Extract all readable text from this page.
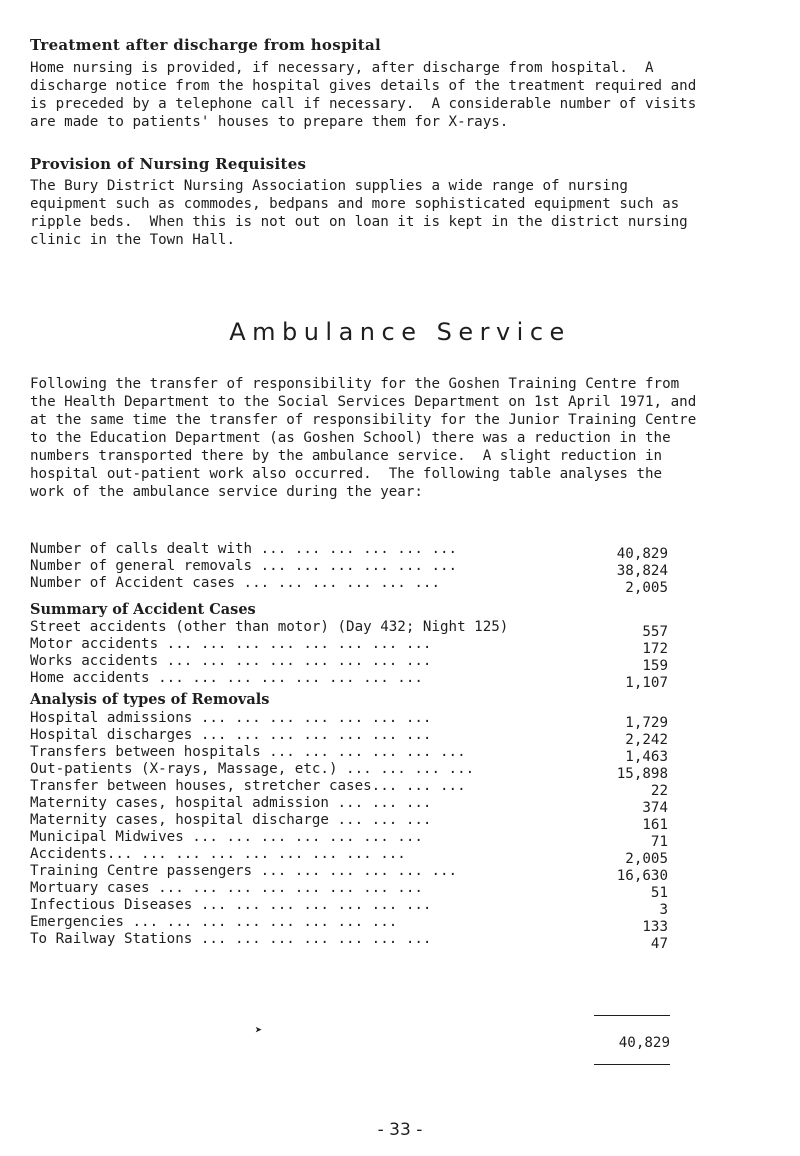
Treatment after discharge from hospital
Home nursing is provided, if necessary, after discharge from hospital.  A
discharge notice from the hospital gives details of the treatment required and
is preceded by a telephone call if necessary.  A considerable number of visits
are made to patients' houses to prepare them for X-rays.
Provision of Nursing Requisites
The Bury District Nursing Association supplies a wide range of nursing
equipment such as commodes, bedpans and more sophisticated equipment such as
ripple beds.  When this is not out on loan it is kept in the district nursing
clinic in the Town Hall.
Ambulance Service
Following the transfer of responsibility for the Goshen Training Centre from
the Health Department to the Social Services Department on 1st April 1971, and
at the same time the transfer of responsibility for the Junior Training Centre
to the Education Department (as Goshen School) there was a reduction in the
numbers transported there by the ambulance service.  A slight reduction in
hospital out-patient work also occurred.  The following table analyses the
work of the ambulance service during the year:
Number of calls dealt with ... ... ... ... ... ...	40,829
Number of general removals ... ... ... ... ... ...	38,824
Number of Accident cases ... ... ... ... ... ...	2,005
Summary of Accident Cases
Street accidents (other than motor) (Day 432; Night 125)	557
Motor accidents ... ... ... ... ... ... ... ...	172
Works accidents ... ... ... ... ... ... ... ...	159
Home accidents ... ... ... ... ... ... ... ...	1,107
Analysis of types of Removals
Hospital admissions ... ... ... ... ... ... ...	1,729
Hospital discharges ... ... ... ... ... ... ...	2,242
Transfers between hospitals ... ... ... ... ... ...	1,463
Out-patients (X-rays, Massage, etc.) ... ... ... ...	15,898
Transfer between houses, stretcher cases... ... ...	22
Maternity cases, hospital admission ... ... ...	374
Maternity cases, hospital discharge ... ... ...	161
Municipal Midwives ... ... ... ... ... ... ...	71
Accidents... ... ... ... ... ... ... ... ...	2,005
Training Centre passengers ... ... ... ... ... ...	16,630
Mortuary cases ... ... ... ... ... ... ... ...	51
Infectious Diseases ... ... ... ... ... ... ...	3
Emergencies ... ... ... ... ... ... ... ...	133
To Railway Stations ... ... ... ... ... ... ...	47
➤
40,829
- 33 -
